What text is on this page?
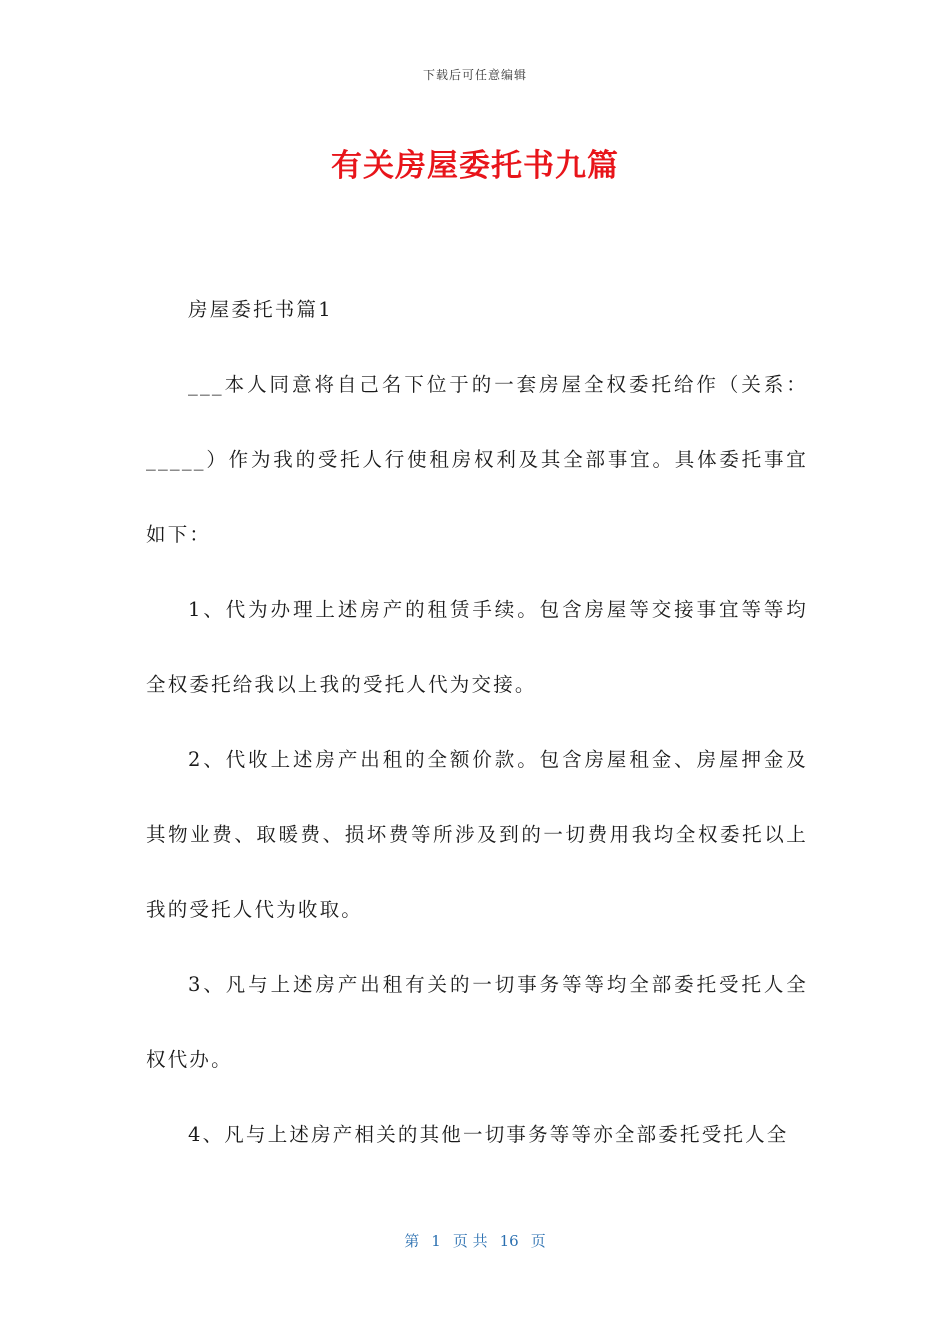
下载后可任意编辑
有关房屋委托书九篇

房屋委托书篇1

___本人同意将自己名下位于的一套房屋全权委托给作（关系：_____）作为我的受托人行使租房权利及其全部事宜。具体委托事宜如下：

1、代为办理上述房产的租赁手续。包含房屋等交接事宜等等均全权委托给我以上我的受托人代为交接。

2、代收上述房产出租的全额价款。包含房屋租金、房屋押金及其物业费、取暖费、损坏费等所涉及到的一切费用我均全权委托以上我的受托人代为收取。

3、凡与上述房产出租有关的一切事务等等均全部委托受托人全权代办。

4、凡与上述房产相关的其他一切事务等等亦全部委托受托人全

第 1 页 共 16 页
